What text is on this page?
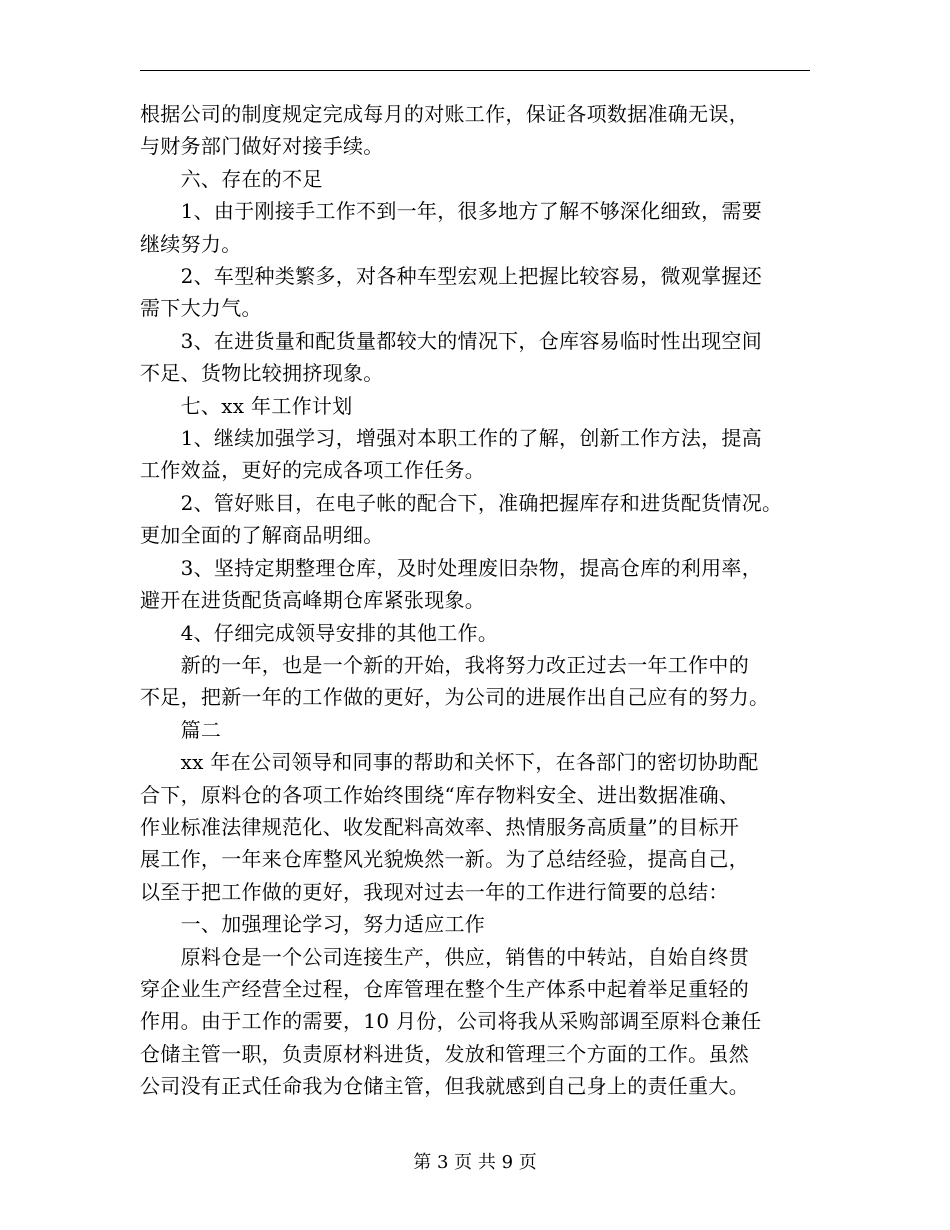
根据公司的制度规定完成每月的对账工作，保证各项数据准确无误，

与财务部门做好对接手续。

　　六、存在的不足

　　1、由于刚接手工作不到一年，很多地方了解不够深化细致，需要

继续努力。

　　2、车型种类繁多，对各种车型宏观上把握比较容易，微观掌握还

需下大力气。

　　3、在进货量和配货量都较大的情况下，仓库容易临时性出现空间

不足、货物比较拥挤现象。

　　七、xx 年工作计划

　　1、继续加强学习，增强对本职工作的了解，创新工作方法，提高

工作效益，更好的完成各项工作任务。

　　2、管好账目，在电子帐的配合下，准确把握库存和进货配货情况。

更加全面的了解商品明细。

　　3、坚持定期整理仓库，及时处理废旧杂物，提高仓库的利用率，

避开在进货配货高峰期仓库紧张现象。

　　4、仔细完成领导安排的其他工作。

　　新的一年，也是一个新的开始，我将努力改正过去一年工作中的

不足，把新一年的工作做的更好，为公司的进展作出自己应有的努力。

　　篇二

　　xx 年在公司领导和同事的帮助和关怀下，在各部门的密切协助配

合下，原料仓的各项工作始终围绕“库存物料安全、进出数据准确、

作业标准法律规范化、收发配料高效率、热情服务高质量”的目标开

展工作，一年来仓库整风光貌焕然一新。为了总结经验，提高自己，

以至于把工作做的更好，我现对过去一年的工作进行简要的总结：

　　一、加强理论学习，努力适应工作

　　原料仓是一个公司连接生产，供应，销售的中转站，自始自终贯

穿企业生产经营全过程，仓库管理在整个生产体系中起着举足重轻的

作用。由于工作的需要，10 月份，公司将我从采购部调至原料仓兼任

仓储主管一职，负责原材料进货，发放和管理三个方面的工作。虽然

公司没有正式任命我为仓储主管，但我就感到自己身上的责任重大。

第 3 页 共 9 页
